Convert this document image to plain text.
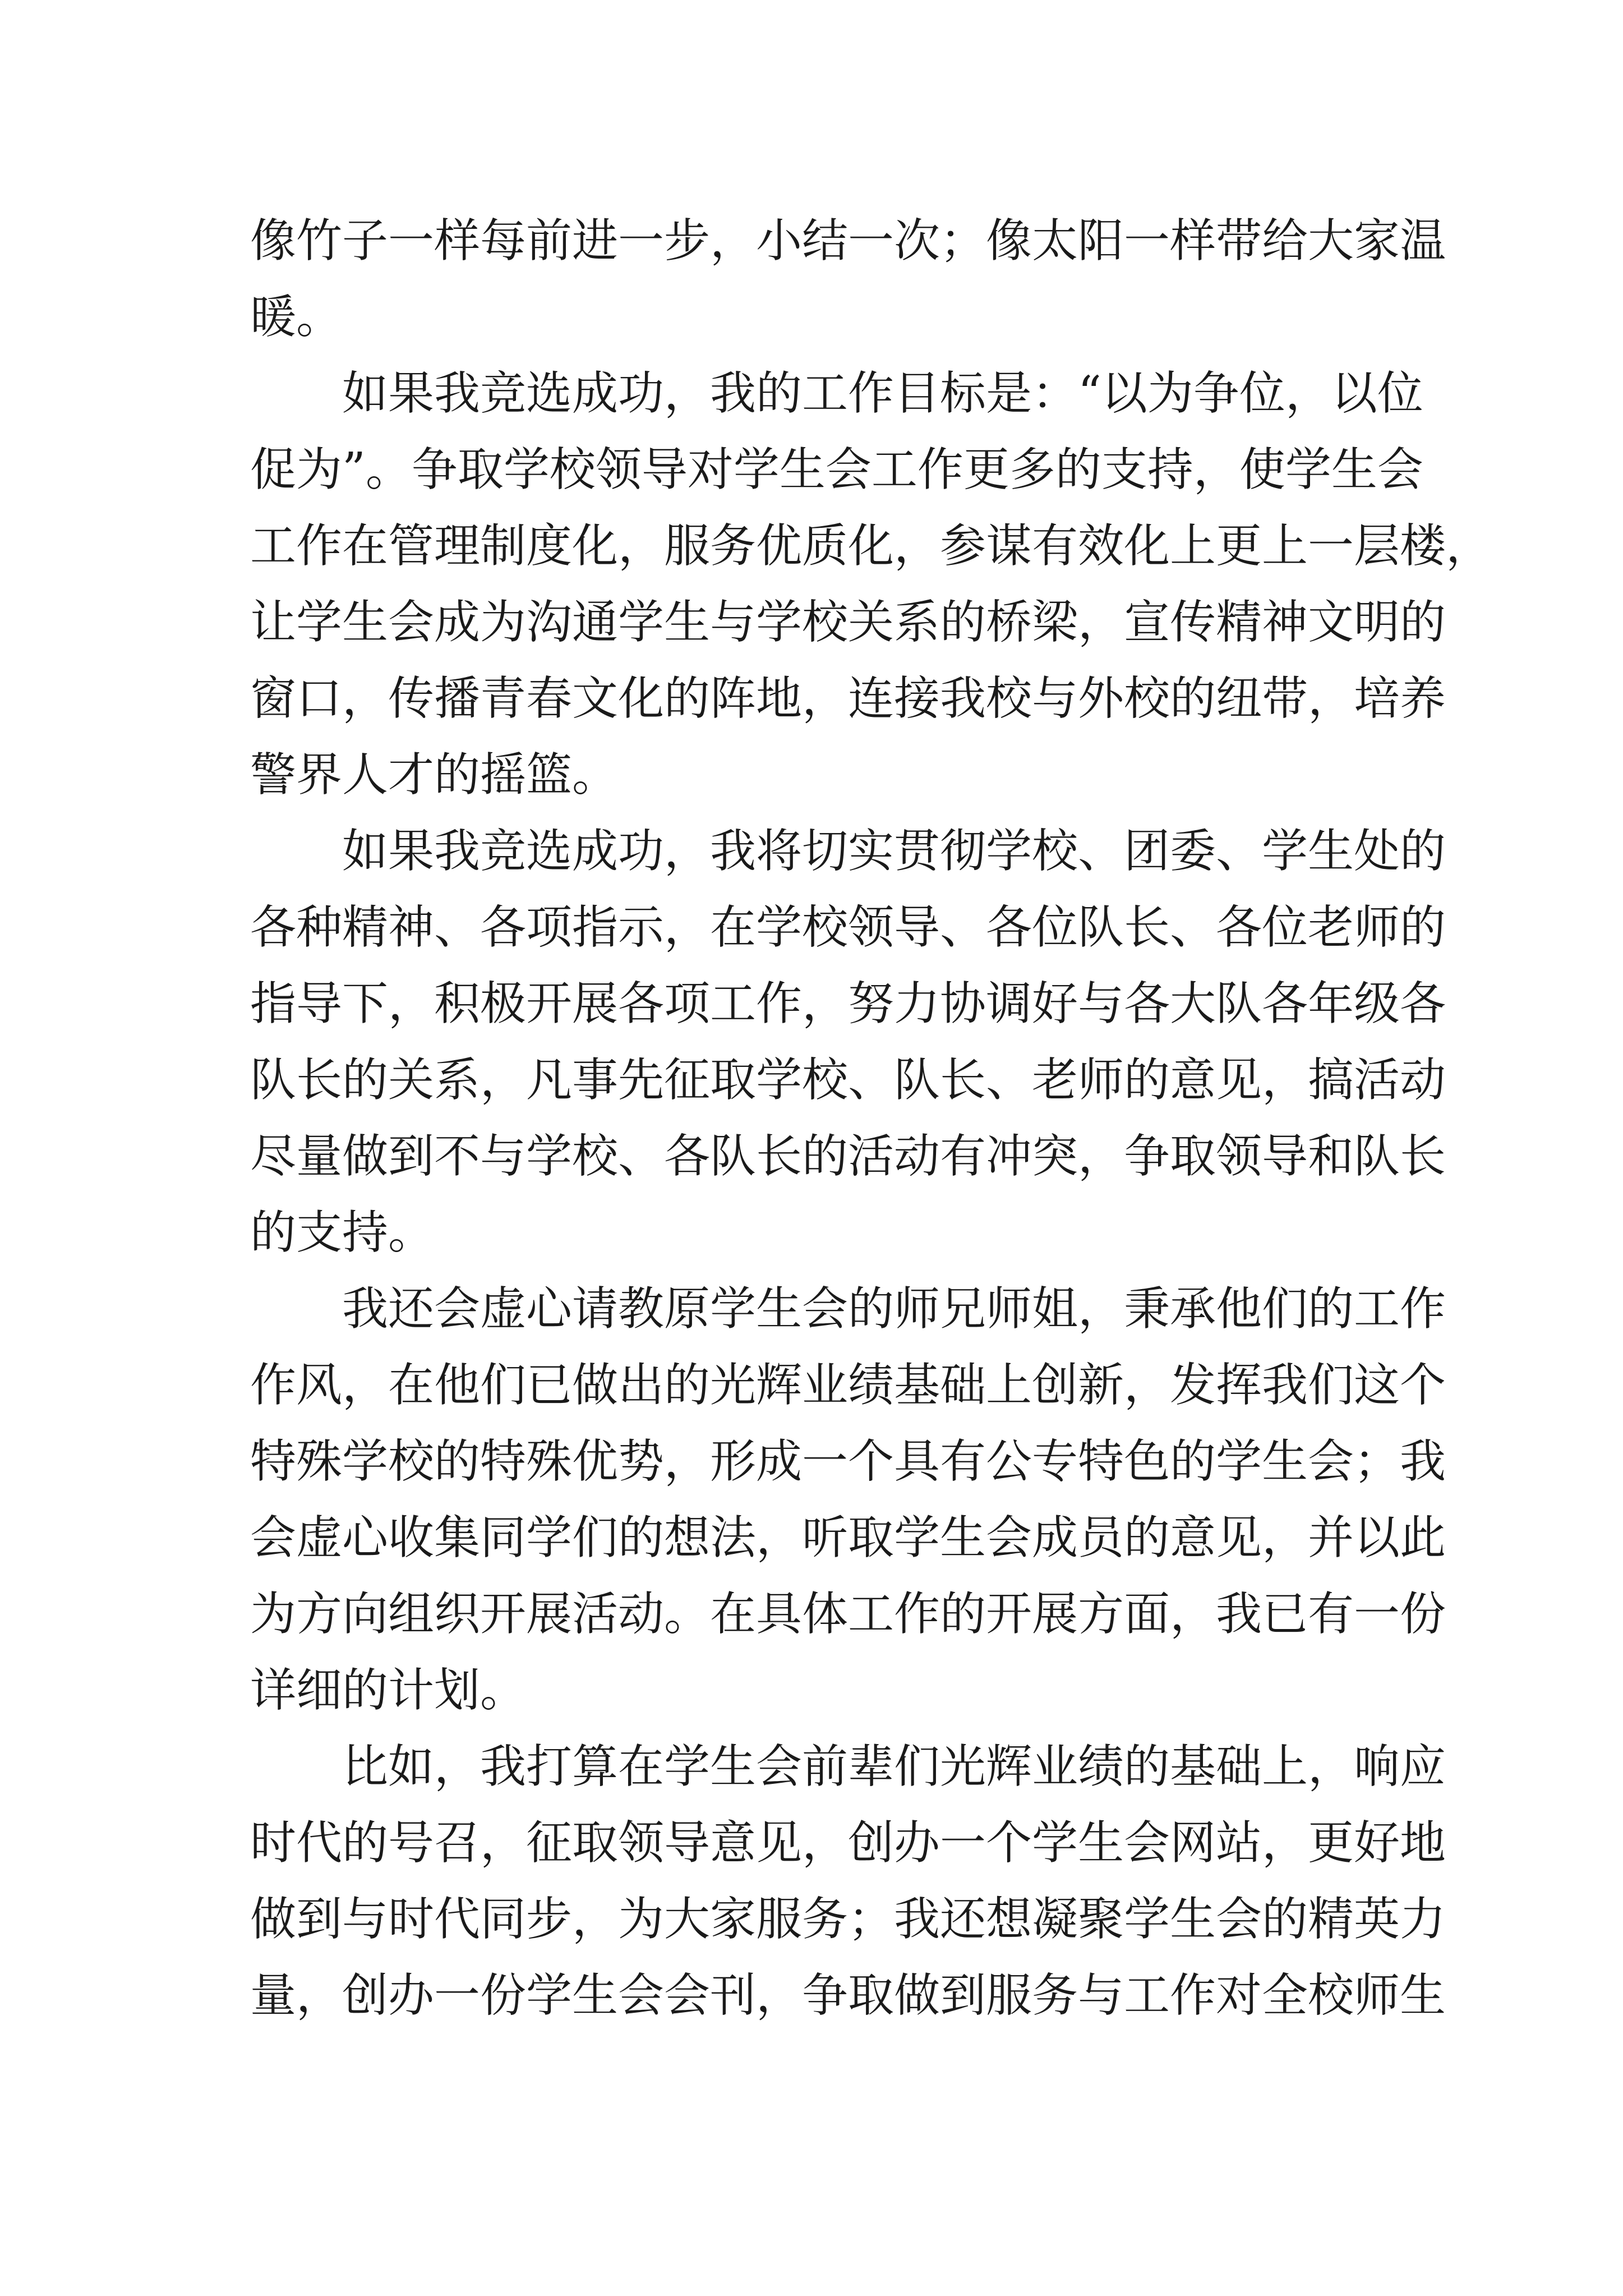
像竹子一样每前进一步，小结一次；像太阳一样带给大家温
暖。
如果我竞选成功，我的工作目标是：“以为争位，以位
促为”。争取学校领导对学生会工作更多的支持，使学生会
工作在管理制度化，服务优质化，参谋有效化上更上一层楼，
让学生会成为沟通学生与学校关系的桥梁，宣传精神文明的
窗口，传播青春文化的阵地，连接我校与外校的纽带，培养
警界人才的摇篮。
如果我竞选成功，我将切实贯彻学校、团委、学生处的
各种精神、各项指示，在学校领导、各位队长、各位老师的
指导下，积极开展各项工作，努力协调好与各大队各年级各
队长的关系，凡事先征取学校、队长、老师的意见，搞活动
尽量做到不与学校、各队长的活动有冲突，争取领导和队长
的支持。
我还会虚心请教原学生会的师兄师姐，秉承他们的工作
作风，在他们已做出的光辉业绩基础上创新，发挥我们这个
特殊学校的特殊优势，形成一个具有公专特色的学生会；我
会虚心收集同学们的想法，听取学生会成员的意见，并以此
为方向组织开展活动。在具体工作的开展方面，我已有一份
详细的计划。
比如，我打算在学生会前辈们光辉业绩的基础上，响应
时代的号召，征取领导意见，创办一个学生会网站，更好地
做到与时代同步，为大家服务；我还想凝聚学生会的精英力
量，创办一份学生会会刊，争取做到服务与工作对全校师生
